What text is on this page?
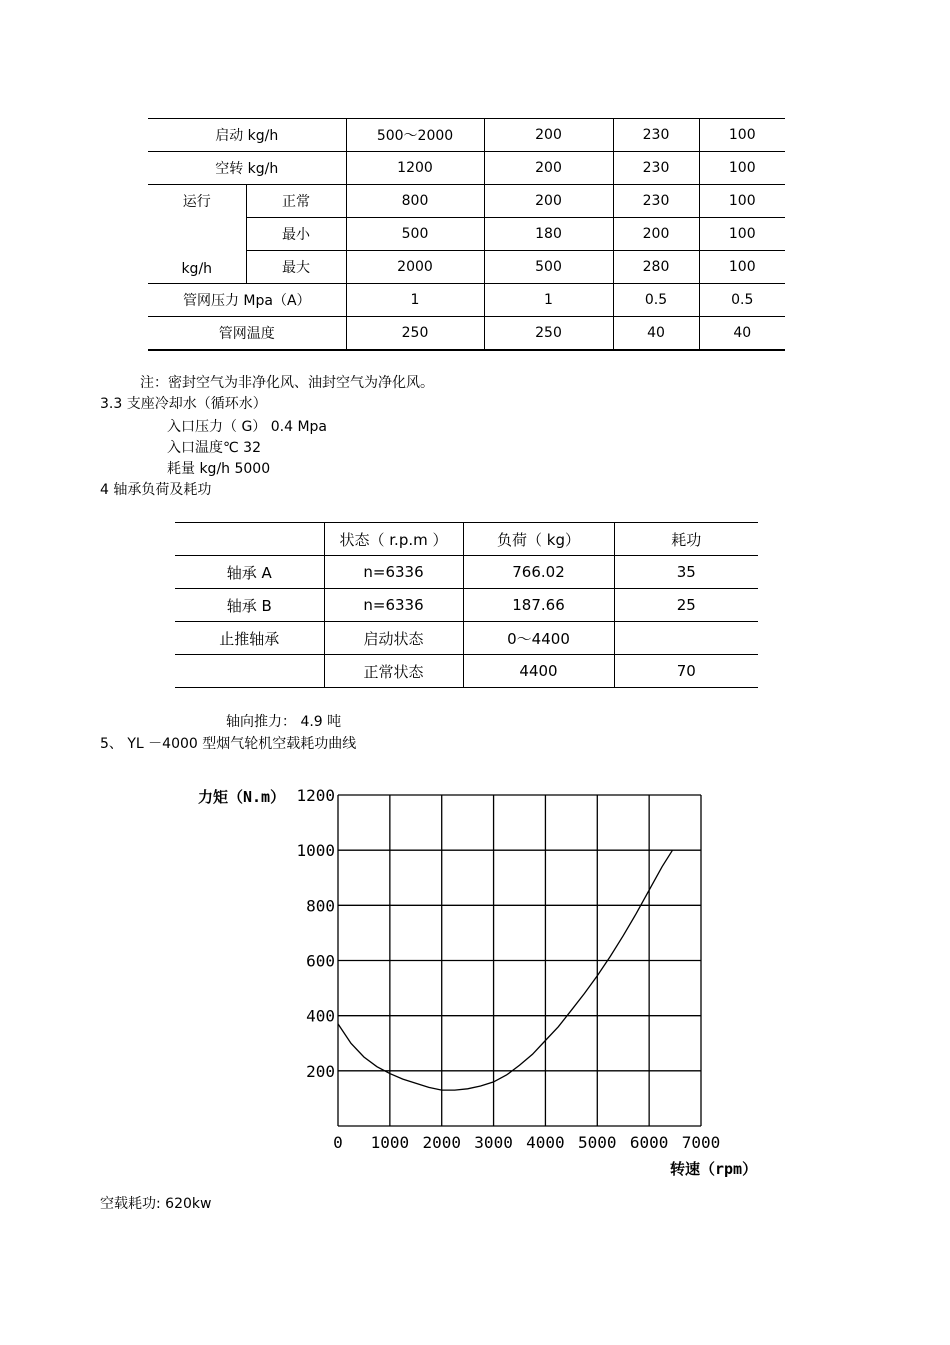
启动 kg/h		500～2000	200	230	100
空转 kg/h		1200	200	230	100

运行
kg/h	正常	800	200	230	100
	最小	500	180	200	100
	最大	2000	500	280	100
管网压力 Mpa（A）		1	1	0.5	0.5
管网温度		250	250	40	40
注：密封空气为非净化风、油封空气为净化风。
3.3 支座冷却水（循环水）
入口压力（ G） 0.4 Mpa
入口温度℃ 32
耗量 kg/h 5000
4 轴承负荷及耗功
	状态（ r.p.m ）	负荷（ kg）	耗功
轴承 A	n=6336	766.02	35
轴承 B	n=6336	187.66	25
止推轴承	启动状态	0～4400	
	正常状态	4400	70
轴向推力： 4.9 吨
5、 YL －4000 型烟气轮机空载耗功曲线
200
400
600
800
1000
1200
0 1000 2000 3000 4000 5000 6000 7000
力矩（N.m）
转速（rpm）
空载耗功: 620kw
